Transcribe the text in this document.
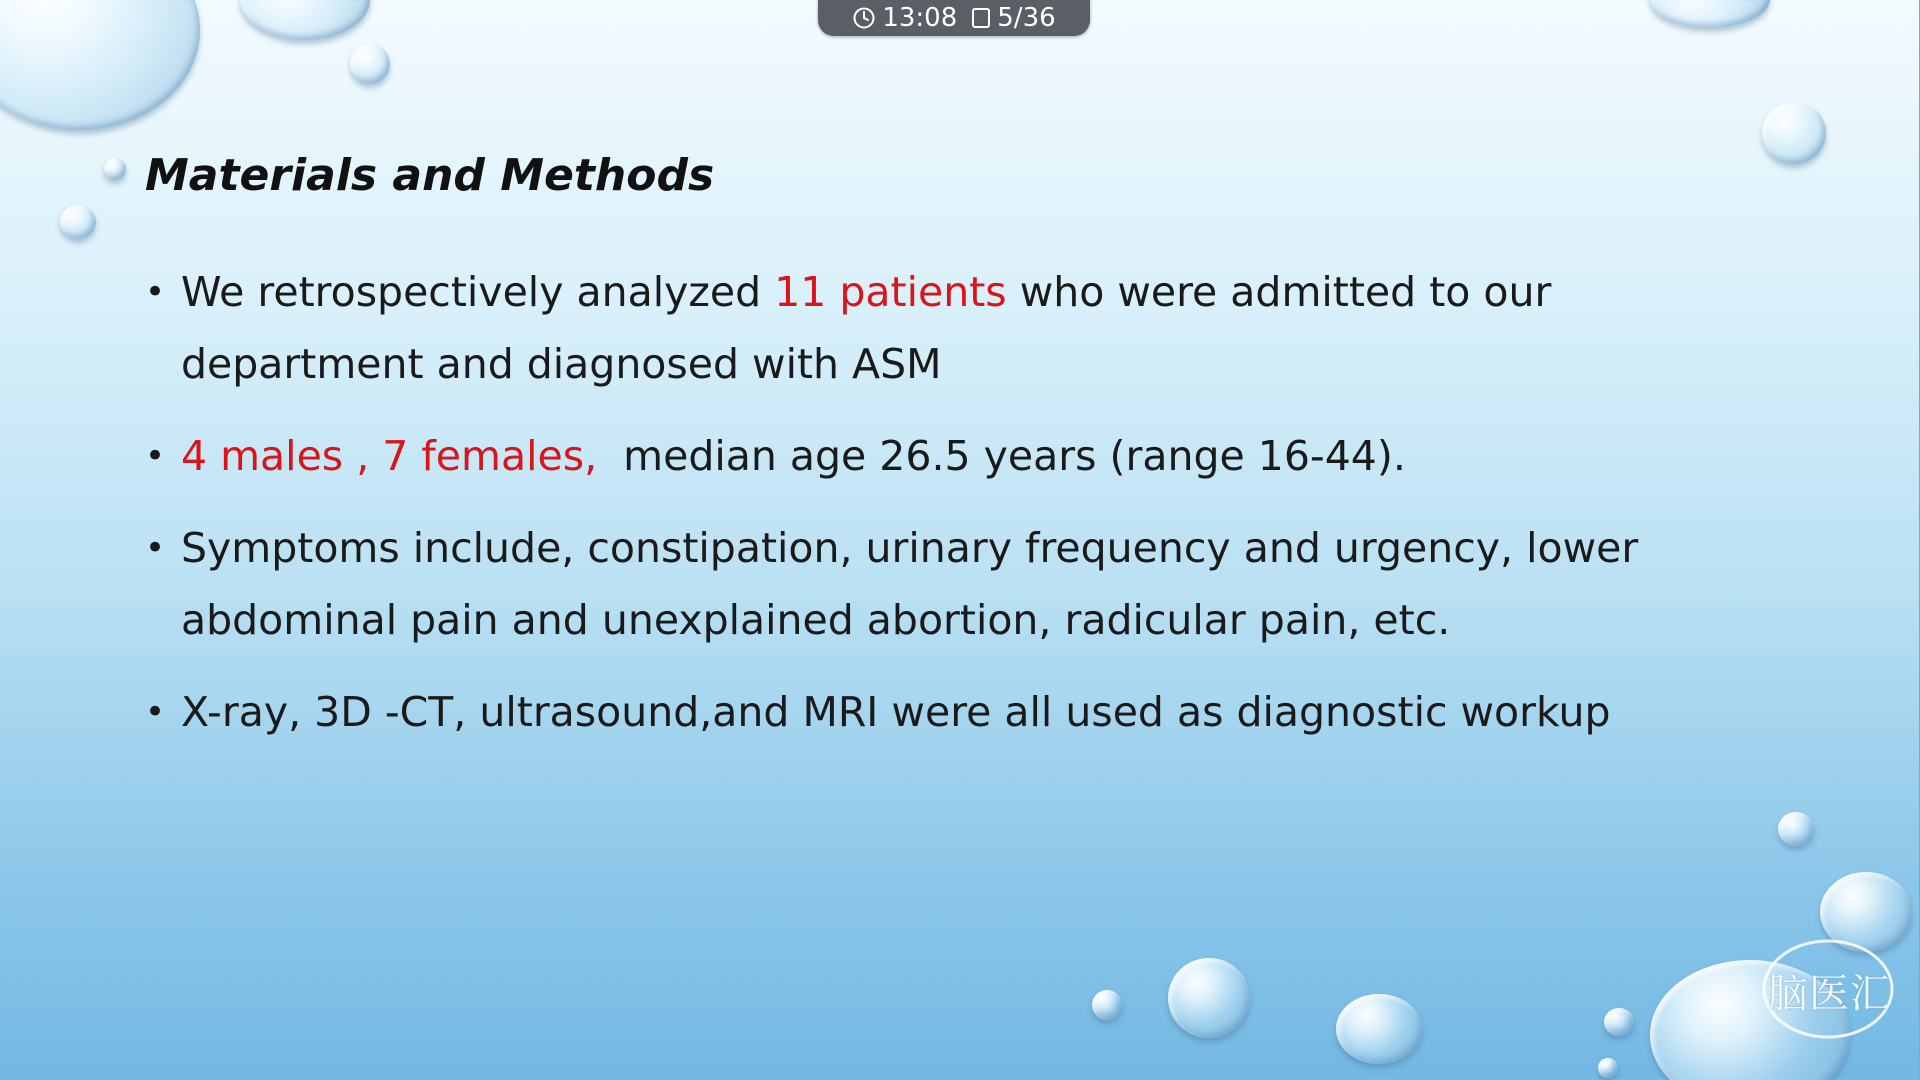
13:08 5/36
Materials and Methods
• We retrospectively analyzed 11 patients who were admitted to our department and diagnosed with ASM
• 4 males , 7 females,  median age 26.5 years (range 16-44).
• Symptoms include, constipation, urinary frequency and urgency, lower abdominal pain and unexplained abortion, radicular pain, etc.
• X-ray, 3D -CT, ultrasound,and MRI were all used as diagnostic workup
脑医汇
